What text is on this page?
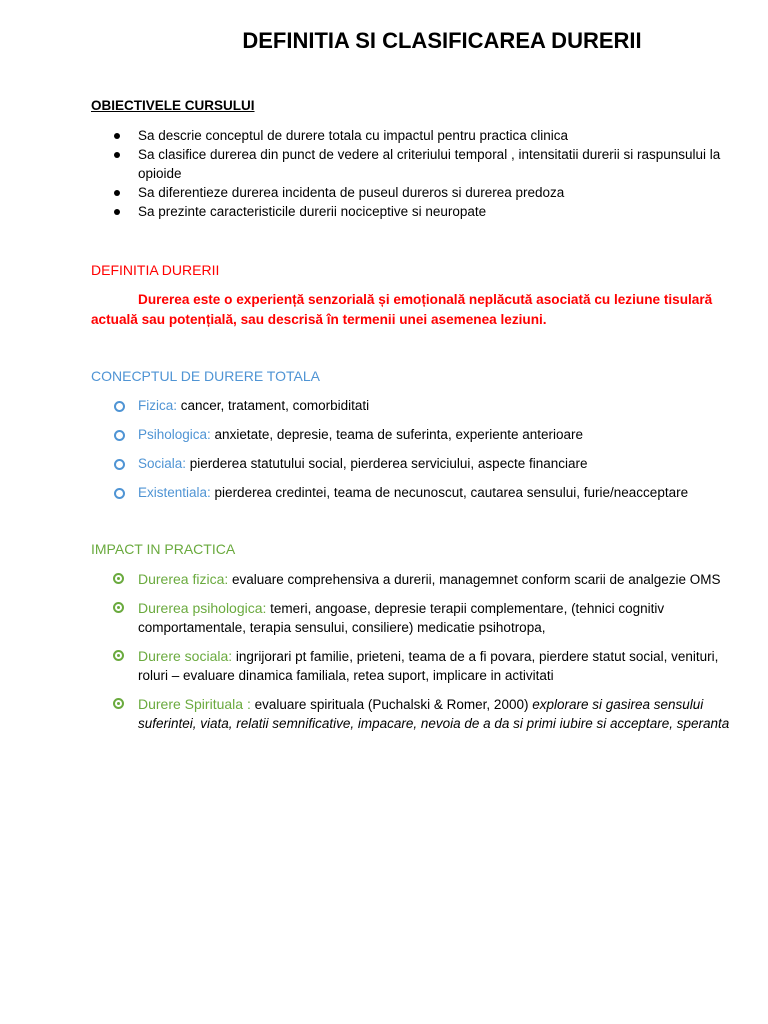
DEFINITIA SI CLASIFICAREA DURERII
OBIECTIVELE CURSULUI
Sa descrie conceptul de durere totala cu impactul pentru practica clinica
Sa clasifice durerea din punct de vedere al criteriului temporal , intensitatii durerii si raspunsului la opioide
Sa diferentieze durerea incidenta de puseul dureros si durerea predoza
Sa prezinte caracteristicile durerii nociceptive si neuropate
DEFINITIA DURERII
Durerea este o experiență senzorială și emoțională neplăcută asociată cu leziune tisulară actuală sau potențială, sau descrisă în termenii unei asemenea leziuni.
CONECPTUL DE DURERE TOTALA
Fizica: cancer, tratament, comorbiditati
Psihologica: anxietate, depresie, teama de suferinta, experiente anterioare
Sociala: pierderea statutului social, pierderea serviciului, aspecte financiare
Existentiala: pierderea credintei, teama de necunoscut, cautarea sensului, furie/neacceptare
IMPACT IN PRACTICA
Durerea fizica: evaluare comprehensiva a durerii, managemnet conform scarii de analgezie OMS
Durerea psihologica: temeri, angoase, depresie terapii complementare, (tehnici cognitiv comportamentale, terapia sensului, consiliere) medicatie psihotropa,
Durere sociala: ingrijorari pt familie, prieteni, teama de a fi povara, pierdere statut social, venituri, roluri – evaluare dinamica familiala, retea suport, implicare in activitati
Durere Spirituala : evaluare spirituala (Puchalski & Romer, 2000) explorare si gasirea sensului suferintei, viata, relatii semnificative, impacare, nevoia de a da si primi iubire si acceptare, speranta
